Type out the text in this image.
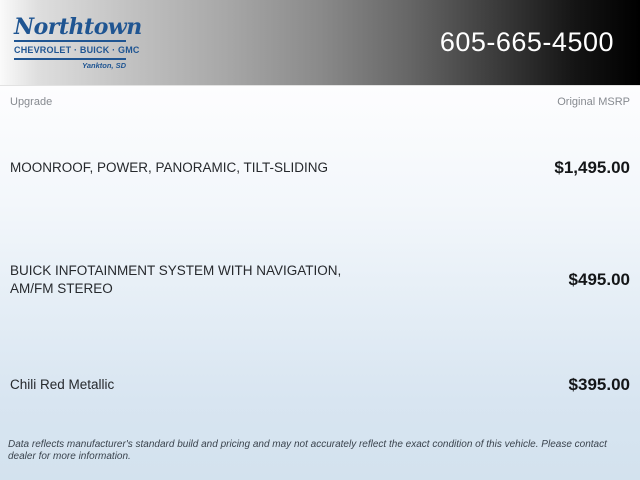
Northtown
CHEVROLET · BUICK · GMC
Yankton, SD
605-665-4500
Upgrade	Original MSRP
MOONROOF, POWER, PANORAMIC, TILT-SLIDING	$1,495.00
BUICK INFOTAINMENT SYSTEM WITH NAVIGATION, AM/FM STEREO	$495.00
Chili Red Metallic	$395.00
Data reflects manufacturer's standard build and pricing and may not accurately reflect the exact condition of this vehicle. Please contact dealer for more information.
